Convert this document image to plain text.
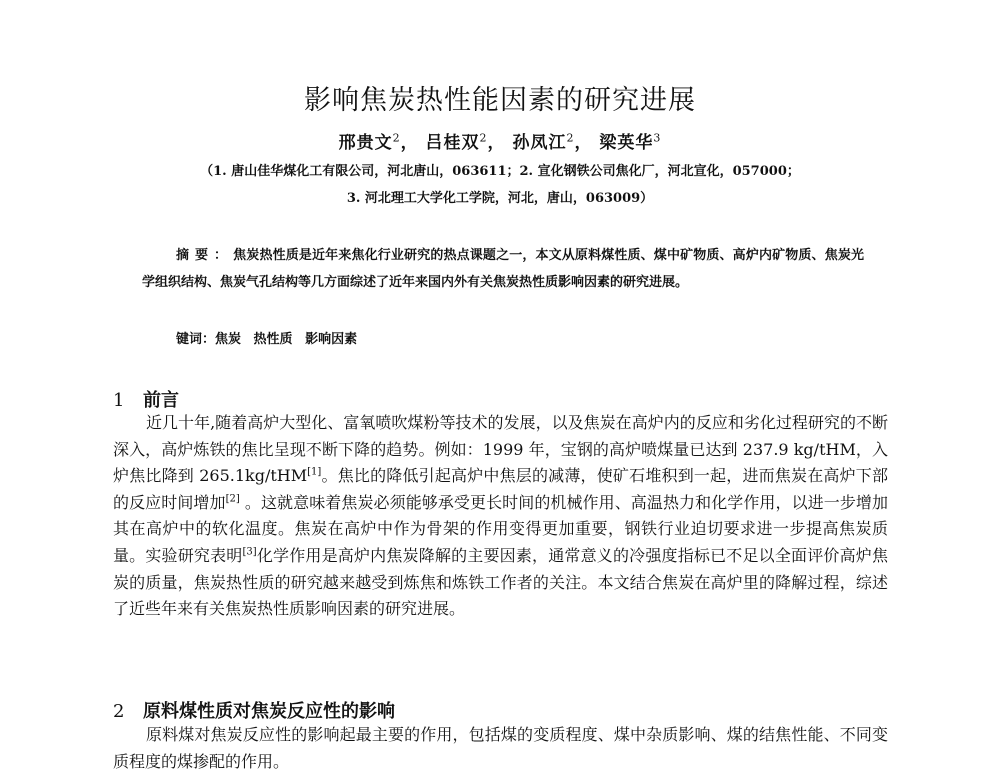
影响焦炭热性能因素的研究进展
邢贵文$^2$， 吕桂双$^2$， 孙凤江$^2$， 梁英华$^3$
（1. 唐山佳华煤化工有限公司，河北唐山，063611；2. 宣化钢铁公司焦化厂，河北宣化，057000；
3. 河北理工大学化工学院，河北，唐山，063009）
摘要：焦炭热性质是近年来焦化行业研究的热点课题之一，本文从原料煤性质、煤中矿物质、高炉内矿物质、焦炭光学组织结构、焦炭气孔结构等几方面综述了近年来国内外有关焦炭热性质影响因素的研究进展。
键词：焦炭 热性质 影响因素
1 前言
近几十年,随着高炉大型化、富氧喷吹煤粉等技术的发展，以及焦炭在高炉内的反应和劣化过程研究的不断深入，高炉炼铁的焦比呈现不断下降的趋势。例如：1999 年，宝钢的高炉喷煤量已达到 237.9 kg/tHM，入炉焦比降到 265.1kg/tHM[1]。焦比的降低引起高炉中焦层的减薄，使矿石堆积到一起，进而焦炭在高炉下部的反应时间增加[2] 。这就意味着焦炭必须能够承受更长时间的机械作用、高温热力和化学作用，以进一步增加其在高炉中的软化温度。焦炭在高炉中作为骨架的作用变得更加重要，钢铁行业迫切要求进一步提高焦炭质量。实验研究表明[3]化学作用是高炉内焦炭降解的主要因素，通常意义的冷强度指标已不足以全面评价高炉焦炭的质量，焦炭热性质的研究越来越受到炼焦和炼铁工作者的关注。本文结合焦炭在高炉里的降解过程，综述了近些年来有关焦炭热性质影响因素的研究进展。
2 原料煤性质对焦炭反应性的影响
原料煤对焦炭反应性的影响起最主要的作用，包括煤的变质程度、煤中杂质影响、煤的结焦性能、不同变质程度的煤掺配的作用。
